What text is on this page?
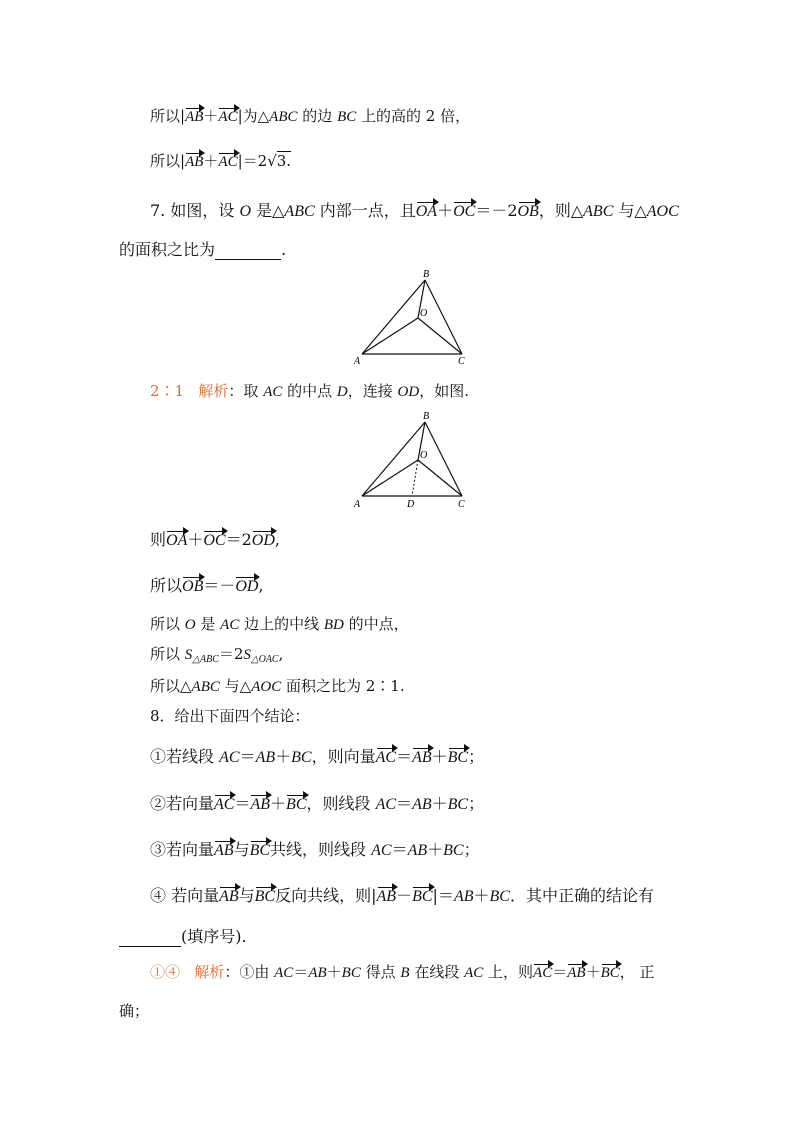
所以|AB＋AC|为△ABC 的边 BC 上的高的 2 倍，
所以|AB＋AC|＝2√3.
7. 如图，设 O 是△ABC 内部一点，且OA＋OC＝－2OB，则△ABC 与△AOC
的面积之比为	.
B
O
A	C
2∶1 解析：取 AC 的中点 D，连接 OD，如图.
B
O
A	D	C
则OA＋OC＝2OD,
所以OB＝－OD,
所以 O 是 AC 边上的中线 BD 的中点，
所以 $S_{\triangle ABC}=2S_{\triangle OAC}$,
所以△ABC 与△AOC 面积之比为 2∶1.
8．给出下面四个结论：
①若线段 AC＝AB＋BC，则向量AC＝AB＋BC；
②若向量AC＝AB＋BC，则线段 AC＝AB＋BC；
③若向量AB与BC共线，则线段 AC＝AB＋BC；
④ 若向量AB与BC反向共线，则|AB－BC|＝AB＋BC．其中正确的结论有
(填序号).
①④ 解析：①由 AC＝AB＋BC 得点 B 在线段 AC 上，则AC＝AB＋BC， 正
确；
